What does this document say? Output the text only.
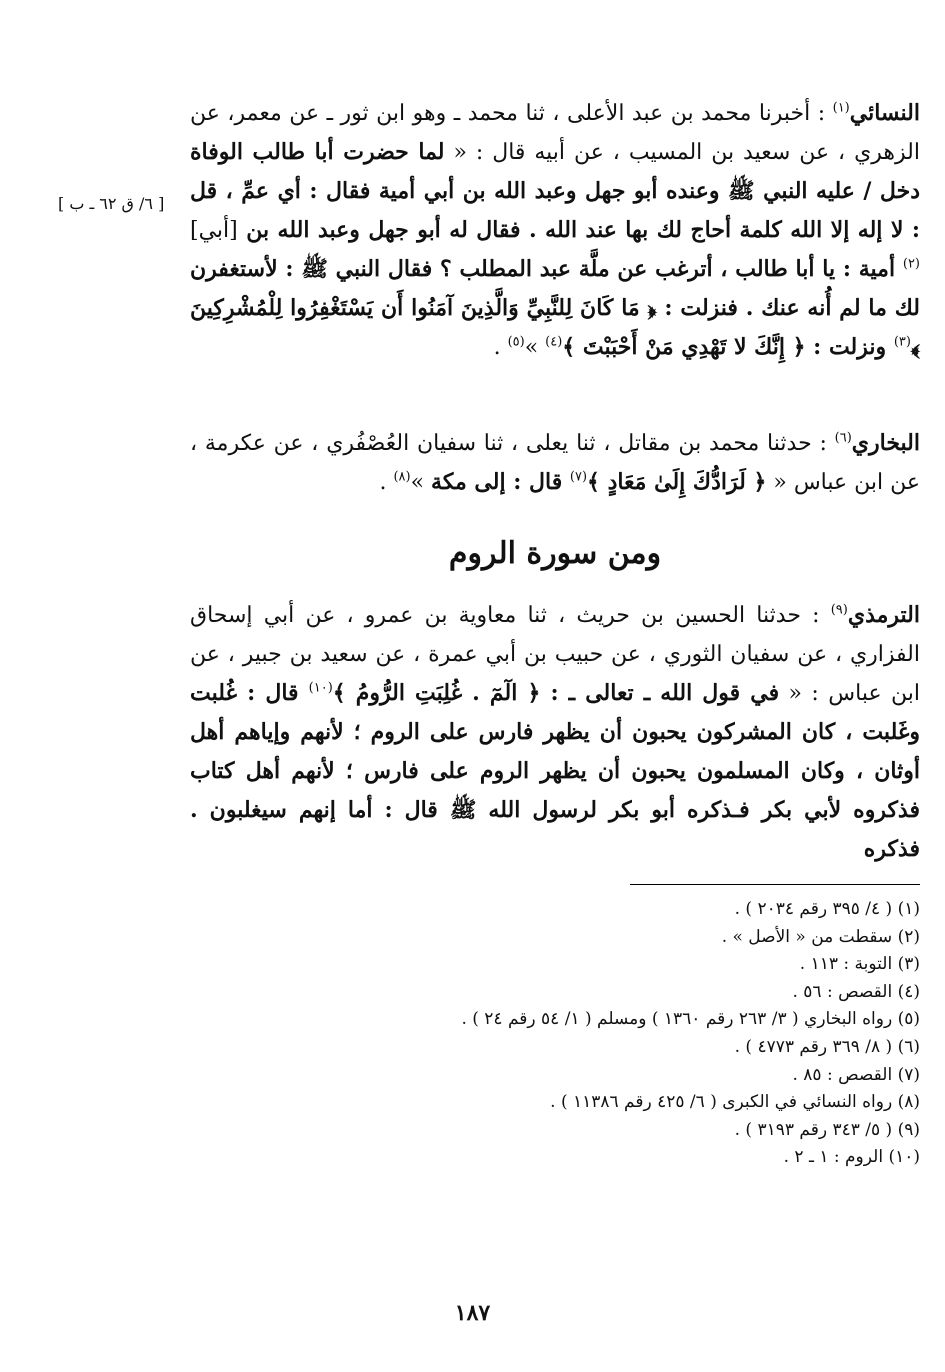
النسائي$^{(١)}$ : أخبرنا محمد بن عبد الأعلى ، ثنا محمد ـ وهو ابن ثور ـ عن معمر، عن الزهري ، عن سعيد بن المسيب ، عن أبيه قال : « لما حضرت أبا طالب الوفاة دخل / عليه النبي ﷺ وعنده أبو جهل وعبد الله بن أبي أمية فقال : أي عمِّ ، قل : لا إله إلا الله كلمة أحاج لك بها عند الله . فقال له أبو جهل وعبد الله بن [أبي]$^{(٢)}$ أمية : يا أبا طالب ، أترغب عن ملَّة عبد المطلب ؟ فقال النبي ﷺ : لأستغفرن لك ما لم أُنه عنك . فنزلت : ﴿ مَا كَانَ لِلنَّبِيِّ وَالَّذِينَ آمَنُوا أَن يَسْتَغْفِرُوا لِلْمُشْرِكِينَ ﴾$^{(٣)}$ ونزلت : ﴿ إِنَّكَ لا تَهْدِي مَنْ أَحْبَبْتَ ﴾$^{(٤)}$ »$^{(٥)}$ .

[ ٦/ ق ٦٢ ـ ب ]

البخاري$^{(٦)}$ : حدثنا محمد بن مقاتل ، ثنا يعلى ، ثنا سفيان العُصْفُري ، عن عكرمة ، عن ابن عباس « ﴿ لَرَادُّكَ إِلَىٰ مَعَادٍ ﴾$^{(٧)}$ قال : إلى مكة »$^{(٨)}$ .

ومن سورة الروم

الترمذي$^{(٩)}$ : حدثنا الحسين بن حريث ، ثنا معاوية بن عمرو ، عن أبي إسحاق الفزاري ، عن سفيان الثوري ، عن حبيب بن أبي عمرة ، عن سعيد بن جبير ، عن ابن عباس : « في قول الله ـ تعالى ـ : ﴿ الٓمٓ . غُلِبَتِ الرُّومُ ﴾$^{(١٠)}$ قال : غُلبت وغَلبت ، كان المشركون يحبون أن يظهر فارس على الروم ؛ لأنهم وإياهم أهل أوثان ، وكان المسلمون يحبون أن يظهر الروم على فارس ؛ لأنهم أهل كتاب فذكروه لأبي بكر فـذكره أبو بكر لرسول الله ﷺ قال : أما إنهم سيغلبون . فذكره

(١) ( ٤/ ٣٩٥ رقم ٢٠٣٤ ) .
(٢) سقطت من « الأصل » .
(٣) التوبة : ١١٣ .
(٤) القصص : ٥٦ .
(٥) رواه البخاري ( ٣/ ٢٦٣ رقم ١٣٦٠ ) ومسلم ( ١/ ٥٤ رقم ٢٤ ) .
(٦) ( ٨/ ٣٦٩ رقم ٤٧٧٣ ) .
(٧) القصص : ٨٥ .
(٨) رواه النسائي في الكبرى ( ٦/ ٤٢٥ رقم ١١٣٨٦ ) .
(٩) ( ٥/ ٣٤٣ رقم ٣١٩٣ ) .
(١٠) الروم : ١ ـ ٢ .
١٨٧
